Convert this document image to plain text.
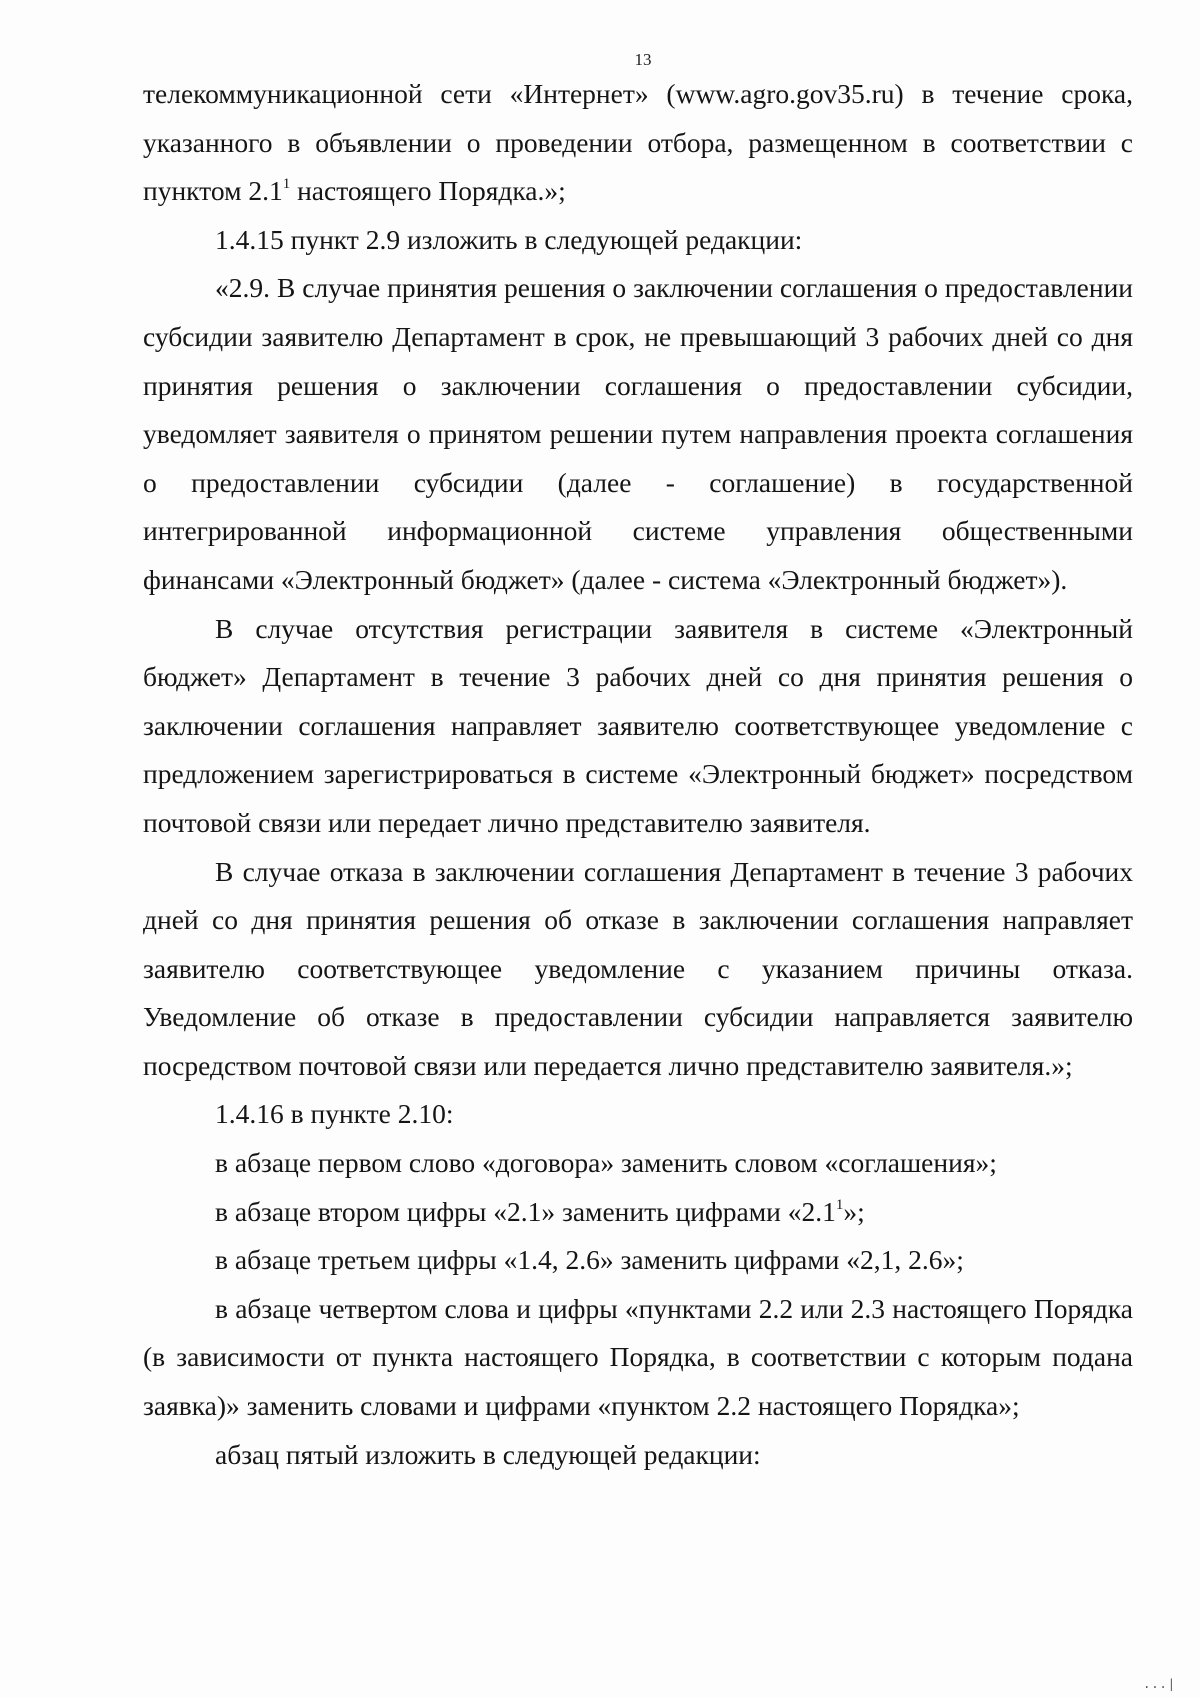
13

телекоммуникационной сети «Интернет» (www.agro.gov35.ru) в течение срока, указанного в объявлении о проведении отбора, размещенном в соответствии с пунктом $2.1^1$ настоящего Порядка.»;

1.4.15 пункт 2.9 изложить в следующей редакции:

«2.9. В случае принятия решения о заключении соглашения о предоставлении субсидии заявителю Департамент в срок, не превышающий 3 рабочих дней со дня принятия решения о заключении соглашения о предоставлении субсидии, уведомляет заявителя о принятом решении путем направления проекта соглашения о предоставлении субсидии (далее - соглашение) в государственной интегрированной информационной системе управления общественными финансами «Электронный бюджет» (далее - система «Электронный бюджет»).

В случае отсутствия регистрации заявителя в системе «Электронный бюджет» Департамент в течение 3 рабочих дней со дня принятия решения о заключении соглашения направляет заявителю соответствующее уведомление с предложением зарегистрироваться в системе «Электронный бюджет» посредством почтовой связи или передает лично представителю заявителя.

В случае отказа в заключении соглашения Департамент в течение 3 рабочих дней со дня принятия решения об отказе в заключении соглашения направляет заявителю соответствующее уведомление с указанием причины отказа. Уведомление об отказе в предоставлении субсидии направляется заявителю посредством почтовой связи или передается лично представителю заявителя.»;

1.4.16 в пункте 2.10:

в абзаце первом слово «договора» заменить словом «соглашения»;

в абзаце втором цифры «2.1» заменить цифрами «$2.1^1$»;

в абзаце третьем цифры «1.4, 2.6» заменить цифрами «2,1, 2.6»;

в абзаце четвертом слова и цифры «пунктами 2.2 или 2.3 настоящего Порядка (в зависимости от пункта настоящего Порядка, в соответствии с которым подана заявка)» заменить словами и цифрами «пунктом 2.2 настоящего Порядка»;

абзац пятый изложить в следующей редакции:

...|
